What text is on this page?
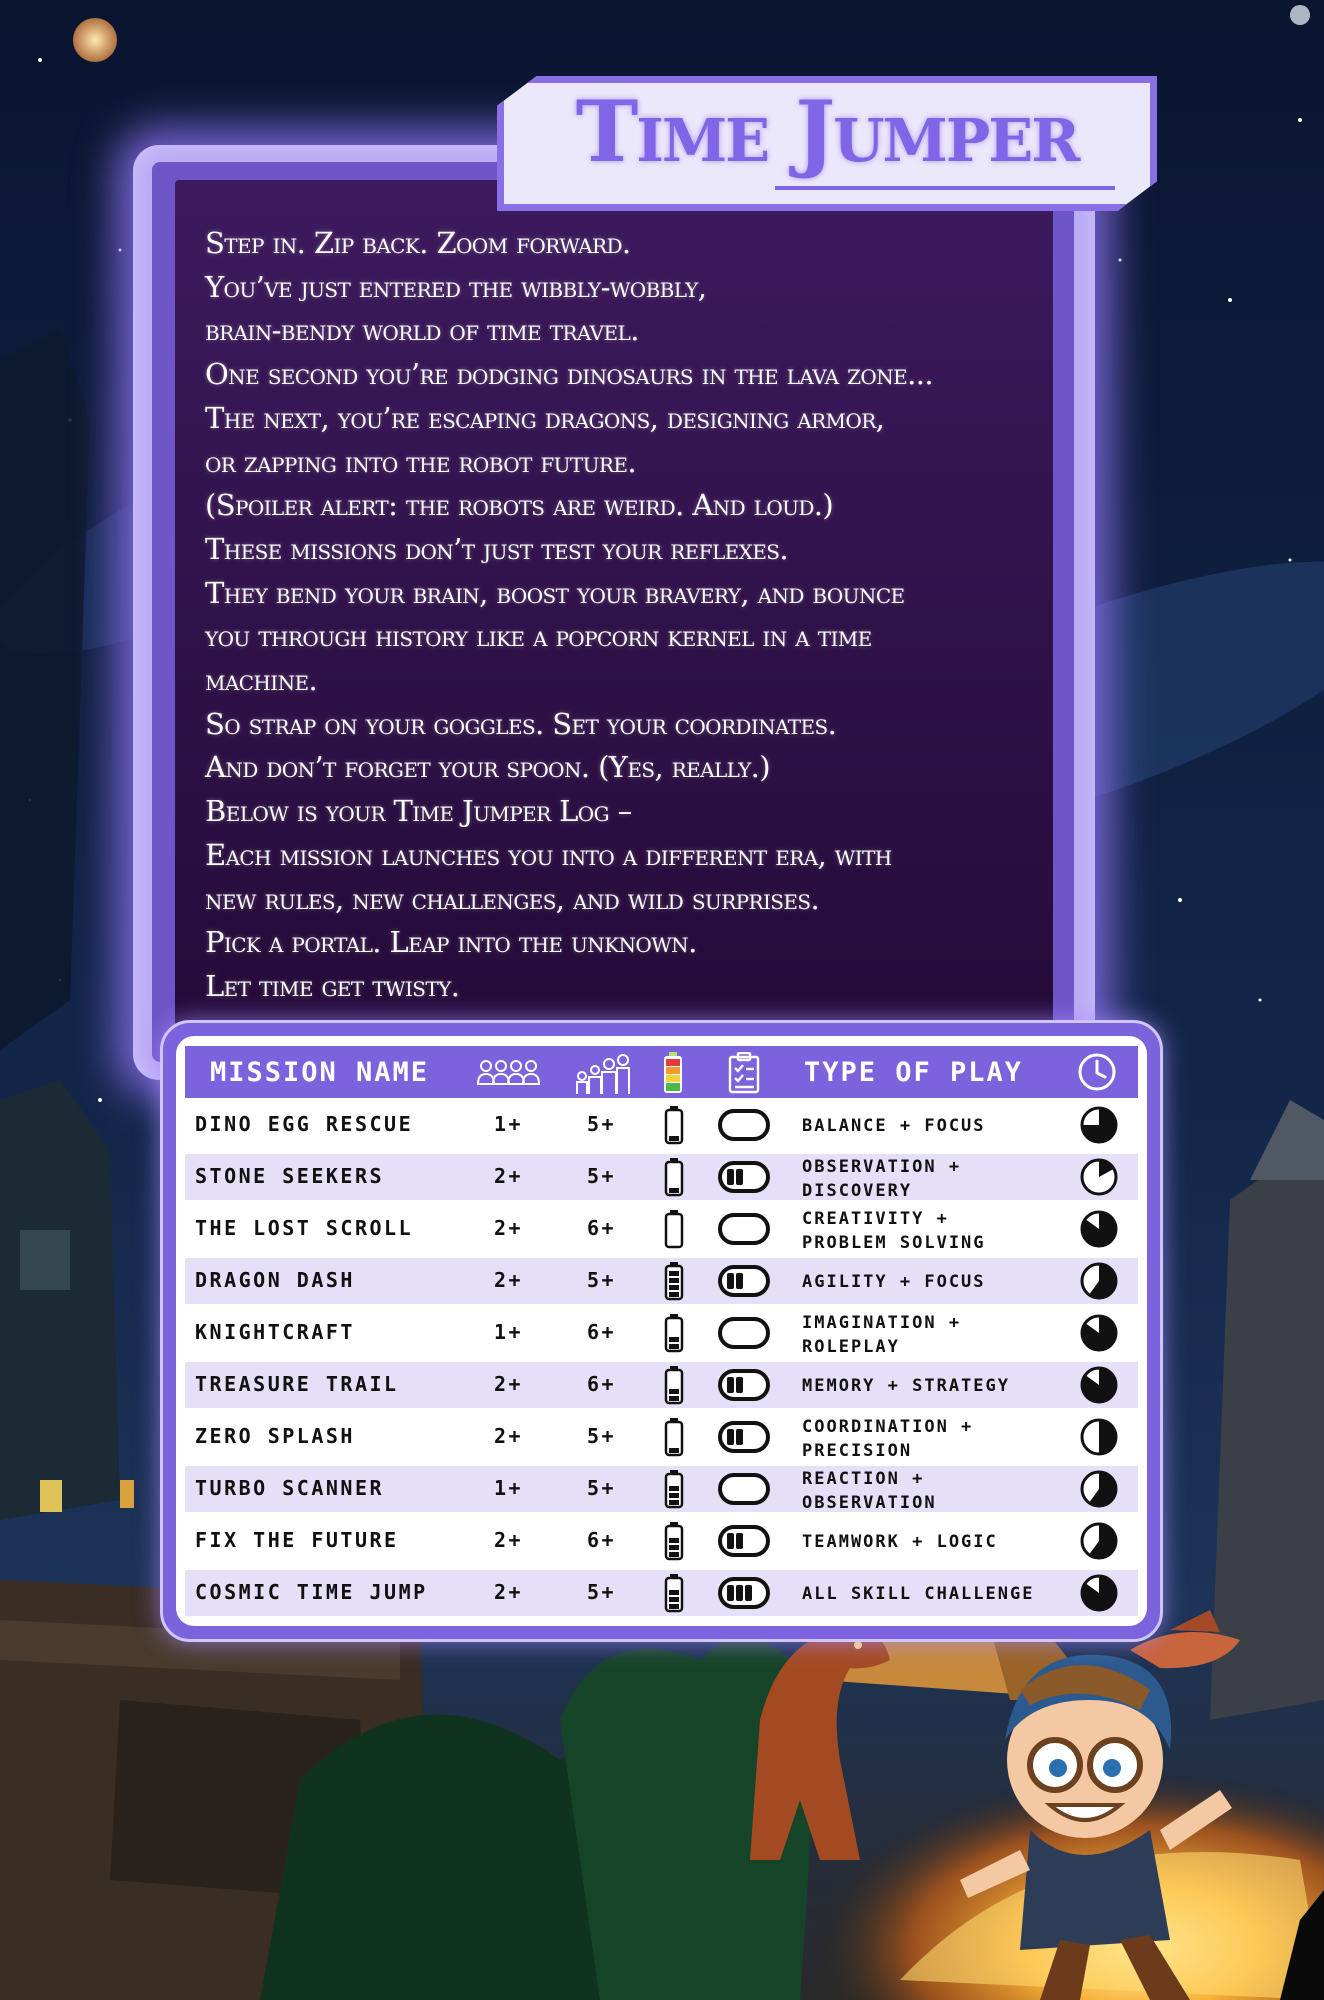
Step in. Zip back. Zoom forward.
You’ve just entered the wibbly-wobbly,
brain-bendy world of time travel.
One second you’re dodging dinosaurs in the lava zone...
The next, you’re escaping dragons, designing armor,
or zapping into the robot future.
(Spoiler alert: the robots are weird. And loud.)
These missions don’t just test your reflexes.
They bend your brain, boost your bravery, and bounce
you through history like a popcorn kernel in a time
machine.
So strap on your goggles. Set your coordinates.
And don’t forget your spoon. (Yes, really.)
Below is your Time Jumper Log –
Each mission launches you into a different era, with
new rules, new challenges, and wild surprises.
Pick a portal. Leap into the unknown.
Let time get twisty.
Time Jumper
MISSION NAME	TYPE OF PLAY
DINO EGG RESCUE	1+	5+	BALANCE + FOCUS
STONE SEEKERS	2+	5+	OBSERVATION +
DISCOVERY
THE LOST SCROLL	2+	6+	CREATIVITY +
PROBLEM SOLVING
DRAGON DASH	2+	5+	AGILITY + FOCUS
KNIGHTCRAFT	1+	6+	IMAGINATION +
ROLEPLAY
TREASURE TRAIL	2+	6+	MEMORY + STRATEGY
ZERO SPLASH	2+	5+	COORDINATION +
PRECISION
TURBO SCANNER	1+	5+	REACTION +
OBSERVATION
FIX THE FUTURE	2+	6+	TEAMWORK + LOGIC
COSMIC TIME JUMP	2+	5+	ALL SKILL CHALLENGE
